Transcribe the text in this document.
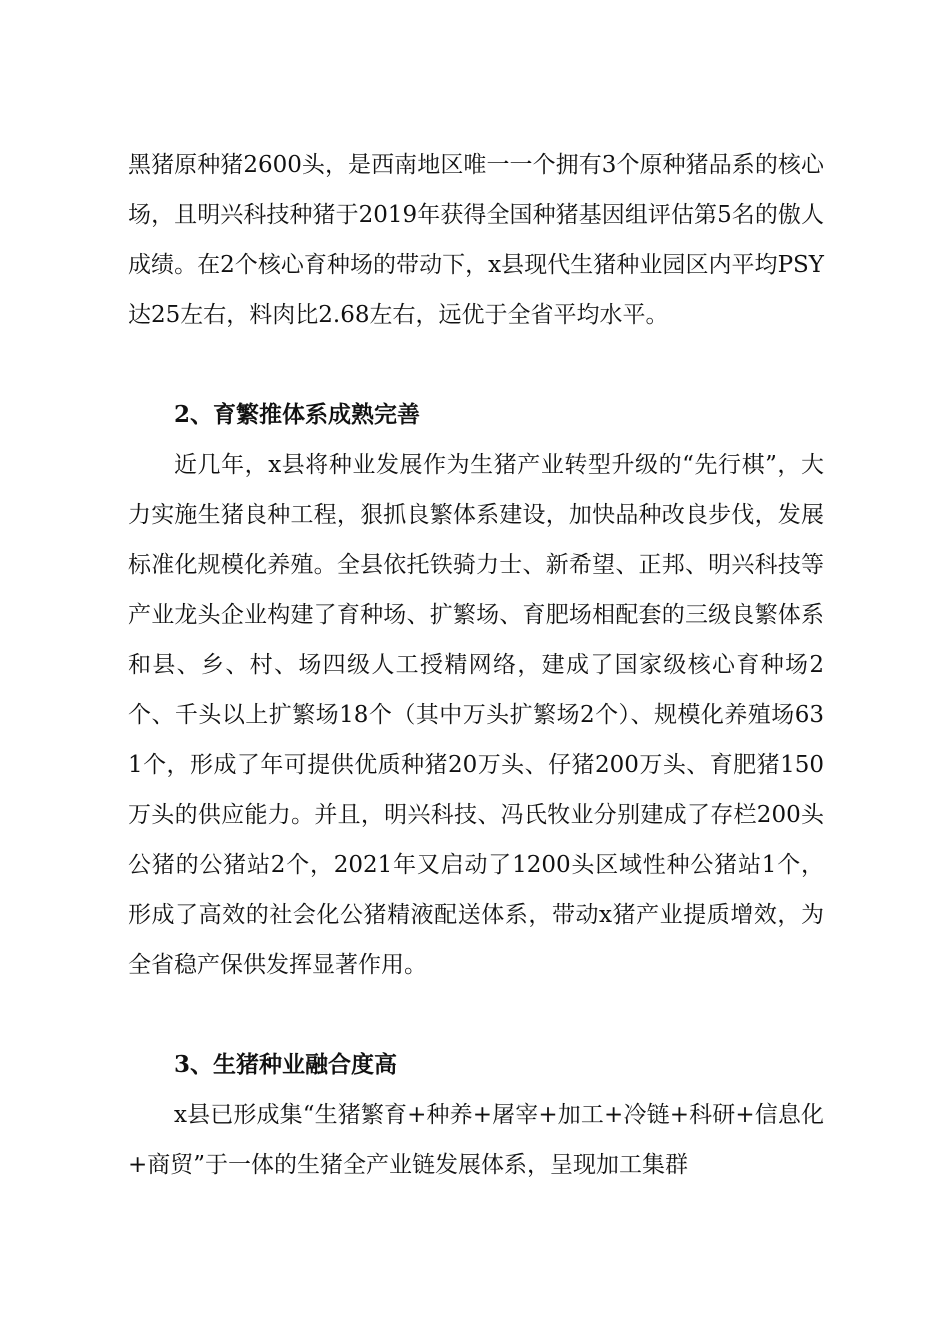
黑猪原种猪2600头，是西南地区唯一一个拥有3个原种猪品系的核心场，且明兴科技种猪于2019年获得全国种猪基因组评估第5名的傲人成绩。在2个核心育种场的带动下，x县现代生猪种业园区内平均PSY达25左右，料肉比2.68左右，远优于全省平均水平。

2、育繁推体系成熟完善

近几年，x县将种业发展作为生猪产业转型升级的“先行棋”，大力实施生猪良种工程，狠抓良繁体系建设，加快品种改良步伐，发展标准化规模化养殖。全县依托铁骑力士、新希望、正邦、明兴科技等产业龙头企业构建了育种场、扩繁场、育肥场相配套的三级良繁体系和县、乡、村、场四级人工授精网络，建成了国家级核心育种场2个、千头以上扩繁场18个（其中万头扩繁场2个）、规模化养殖场631个，形成了年可提供优质种猪20万头、仔猪200万头、育肥猪150万头的供应能力。并且，明兴科技、冯氏牧业分别建成了存栏200头公猪的公猪站2个，2021年又启动了1200头区域性种公猪站1个，形成了高效的社会化公猪精液配送体系，带动x猪产业提质增效，为全省稳产保供发挥显著作用。

3、生猪种业融合度高

x县已形成集“生猪繁育+种养+屠宰+加工+冷链+科研+信息化+商贸”于一体的生猪全产业链发展体系，呈现加工集群
